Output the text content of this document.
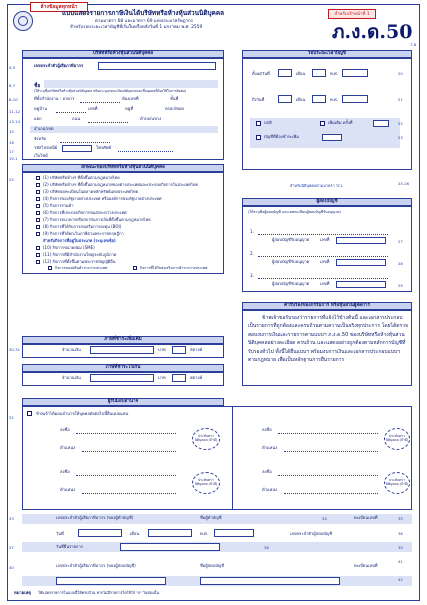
ล้างข้อมูลทุกหน้า
สำหรับเจ้าหน้าที่ 1
แบบแสดงรายการภาษีเงินได้บริษัทหรือห้างหุ้นส่วนนิติบุคคล
ตามมาตรา 68 และมาตรา 69 แห่งประมวลรัษฎากร
สำหรับรอบระยะเวลาบัญชีที่เริ่มในหรือหลังวันที่ 1 มกราคม พ.ศ. 2559	ภ.ง.ด.50
7-8
บริษัทหรือห้างหุ้นส่วนนิติบุคคล
4-5	เลขประจำตัวผู้เสียภาษีอากร
6-7	ชื่อ
(ให้ระบุชื่อบริษัทหรือห้างหุ้นส่วนนิติบุคคล พร้อมระบุเลขทะเบียนนิติบุคคลและชื่อบุคคลที่ต้องใช้ในการติดต่อ)
8-10	ที่ตั้งสำนักงาน : อาคาร	ห้องเลขที่	ชั้นที่
11-12
หมู่บ้าน	เลขที่	หมู่ที่	ตรอก/ซอย
13-14
แยก	ถนน	ตำบล/แขวง
15
อำเภอ/เขต
16
จังหวัด
17
รหัสไปรษณีย์	โทรศัพท์
19-1
เว็บไซต์
รอบระยะเวลาบัญชี
ตั้งแต่วันที่	เดือน	พ.ศ.	20
ถึงวันที่	เดือน	พ.ศ.	21
ปกติ	เพิ่มเติม ครั้งที่
บัญชีที่ต้องชำระเพิ่ม
22
23
ลักษณะของบริษัทหรือห้างหุ้นส่วนนิติบุคคล
25	(1) บริษัทหรือห้างฯ ที่ตั้งขึ้นตามกฎหมายไทย
(2) บริษัทหรือห้างฯ ที่ตั้งขึ้นตามกฎหมายของต่างประเทศและประกอบกิจการในประเทศไทย
(3) บริษัทจดทะเบียนในตลาดหลักทรัพย์แห่งประเทศไทย
(4) กิจการของรัฐบาลต่างประเทศ หรือองค์การของรัฐบาลต่างประเทศ
(5) กิจการร่วมค้า
(6) กิจการที่ประกอบกิจการขนส่งระหว่างประเทศ
(7) กิจการธนาคารหรือสถาบันการเงินที่ตั้งขึ้นตามกฎหมายไทย
(8) กิจการที่ได้รับการส่งเสริมการลงทุน (BOI)
(9) กิจการที่ได้ยกเว้นภาษีตามพระราชกฤษฎีกา
สำหรับกิจการที่อยู่ในประเภท (ระบุเลขข้อ)
(10) กิจการขนาดย่อม (SME)
(11) กิจการที่มีสำนักงานใหญ่ระดับภูมิภาค
(12) กิจการที่ตั้งขึ้นตามพระราชบัญญัติอื่น
กิจการขนส่งสินค้าระหว่างประเทศ	กิจการที่ได้รับส่งเสริมการค้าระหว่างประเทศ
25-26
สำหรับนิติบุคคลตามมาตรา TCL
ผู้สอบบัญชี
(ให้ระบุชื่อผู้สอบบัญชี และเลขทะเบียนผู้สอบบัญชีรับอนุญาต)
1.
ผู้สอบบัญชีรับอนุญาต	เลขที่	27
2.
ผู้สอบบัญชีรับอนุญาต	เลขที่	28
3.
ผู้สอบบัญชีรับอนุญาต	เลขที่	29
ภาษีที่ชำระเพิ่มเติม
30-31	จำนวนเงิน	บาท	สตางค์
ภาษีที่ชำระไว้เกิน
จำนวนเงิน	บาท	สตางค์
คำรับรองของกรรมการ หรือหุ้นส่วนผู้จัดการ
ข้าพเจ้าขอรับรองว่ารายการที่แจ้งไว้ข้างต้นนี้ และเอกสารประกอบเป็นรายการที่ถูกต้องและครบถ้วนตามความเป็นจริงทุกประการ โดยได้ตรวจสอบงบการเงินและรายการตามแบบฯ ภ.ง.ด.50 ของบริษัทหรือห้างหุ้นส่วนนิติบุคคลอย่างละเอียด ครบถ้วน และแสดงอย่างถูกต้องตามหลักการบัญชีที่รับรองทั่วไป ทั้งนี้ได้ยื่นแบบฯ พร้อมงบการเงินและเอกสารประกอบแบบฯ ตามกฎหมาย เพื่อเป็นหลักฐานการยื่นรายการ
ผู้รับมอบอำนาจ
32
ข้าพเจ้าได้มอบอำนาจให้บุคคลดังต่อไปนี้ยื่นแบบแทน
ลงชื่อ
ตำแหน่ง
ลงชื่อ
ตำแหน่ง
ประทับตรา นิติบุคคล (ถ้ามี)
ประทับตรา นิติบุคคล (ถ้ามี)
ลงชื่อ
ตำแหน่ง
ลงชื่อ
ตำแหน่ง
ประทับตรา นิติบุคคล (ถ้ามี)
ประทับตรา นิติบุคคล (ถ้ามี)
33	เลขประจำตัวผู้เสียภาษีอากร (ของผู้ทำบัญชี)	ชื่อผู้ทำบัญชี	34	ทะเบียนเลขที่	35
วันที่	เดือน	พ.ศ.	เลขประจำตัวผู้สอบบัญชี	36
37	วันที่ยื่นรายการ	38	39
40	เลขประจำตัวผู้เสียภาษีอากร (ของผู้สอบบัญชี)	ชื่อผู้สอบบัญชี	ทะเบียนเลขที่
41
42
หมายเหตุ ให้แสดงรายการในแบบนี้ให้ครบถ้วน หากไม่มีรายการใดให้ใส่ "0" ในช่องนั้น
